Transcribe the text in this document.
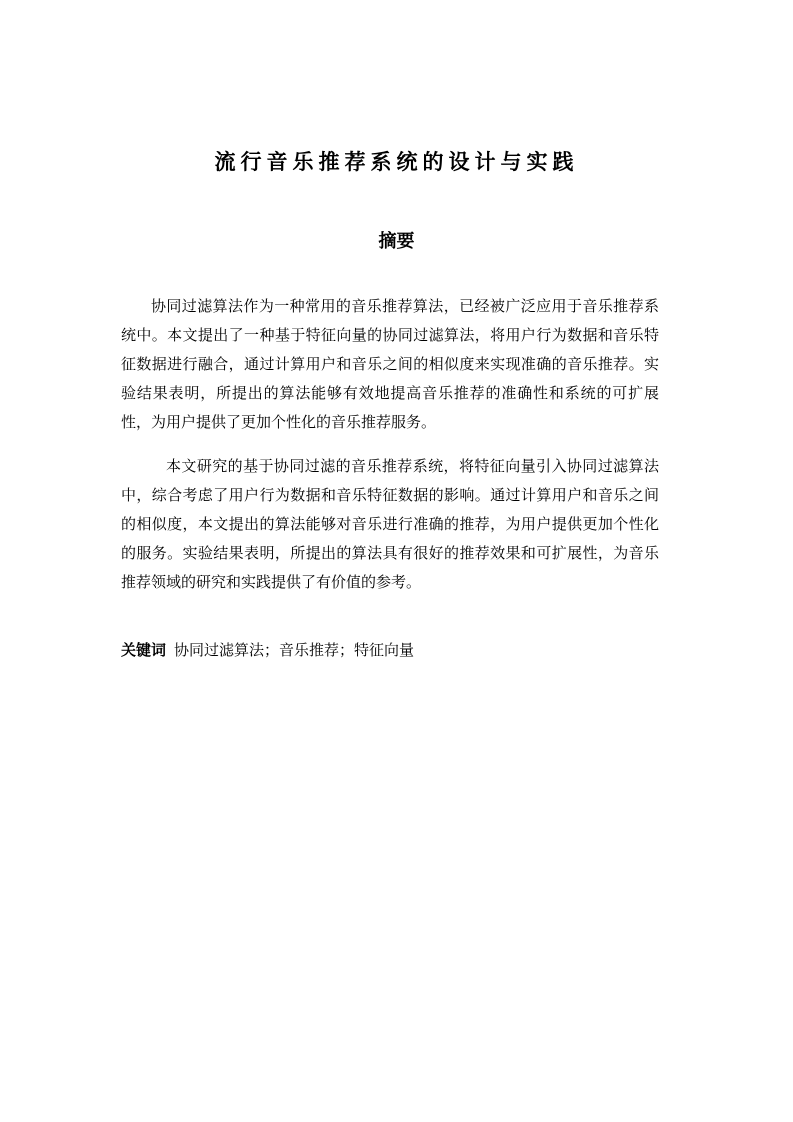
流行音乐推荐系统的设计与实践
摘要

协同过滤算法作为一种常用的音乐推荐算法，已经被广泛应用于音乐推荐系统中。本文提出了一种基于特征向量的协同过滤算法，将用户行为数据和音乐特征数据进行融合，通过计算用户和音乐之间的相似度来实现准确的音乐推荐。实验结果表明，所提出的算法能够有效地提高音乐推荐的准确性和系统的可扩展性，为用户提供了更加个性化的音乐推荐服务。

本文研究的基于协同过滤的音乐推荐系统，将特征向量引入协同过滤算法中，综合考虑了用户行为数据和音乐特征数据的影响。通过计算用户和音乐之间的相似度，本文提出的算法能够对音乐进行准确的推荐，为用户提供更加个性化的服务。实验结果表明，所提出的算法具有很好的推荐效果和可扩展性，为音乐推荐领域的研究和实践提供了有价值的参考。

关键词 协同过滤算法；音乐推荐；特征向量
